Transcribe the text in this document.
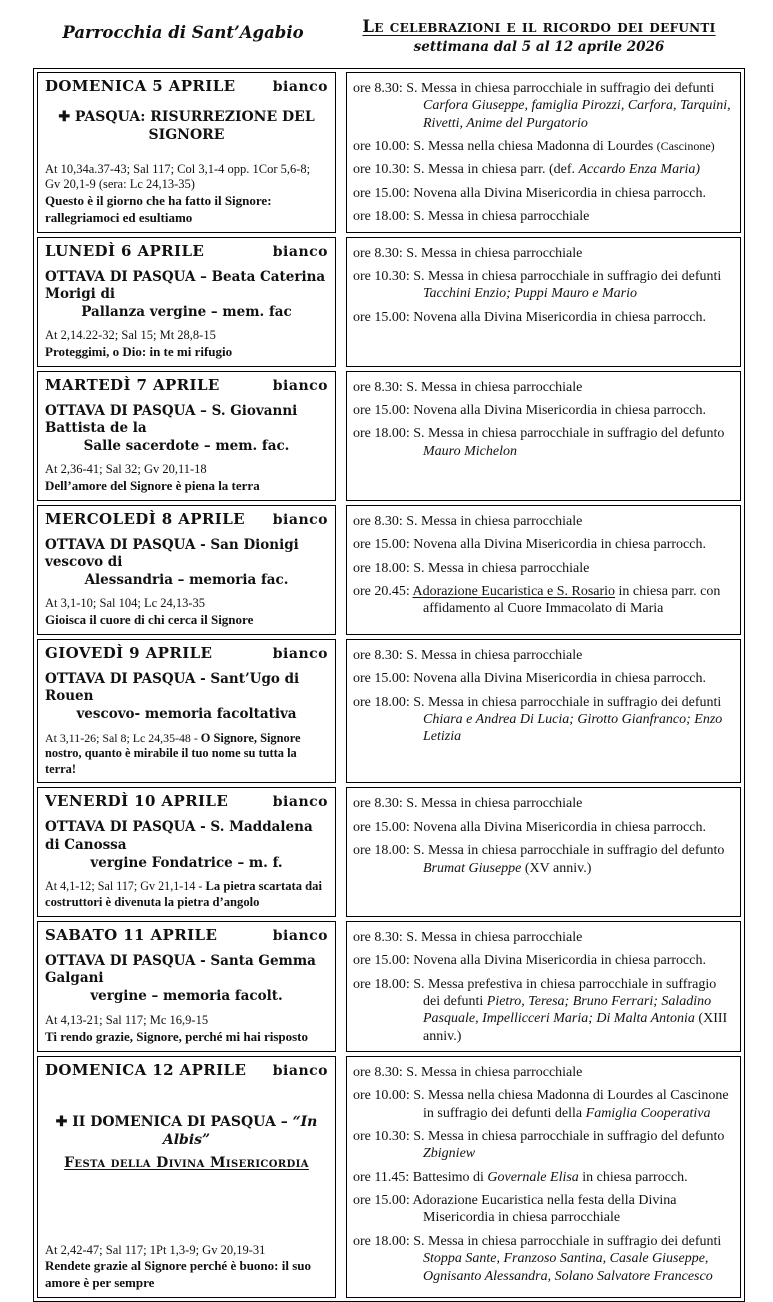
Parrocchia di Sant’Agabio	Le celebrazioni e il ricordo dei defunti
settimana dal 5 al 12 aprile 2026
DOMENICA 5 APRILE	bianco
✚ PASQUA: RISURREZIONE DEL SIGNORE
At 10,34a.37-43; Sal 117; Col 3,1-4 opp. 1Cor 5,6-8; Gv 20,1-9 (sera: Lc 24,13-35)
Questo è il giorno che ha fatto il Signore: rallegriamoci ed esultiamo
ore 8.30: S. Messa in chiesa parrocchiale in suffragio dei defunti Carfora Giuseppe, famiglia Pirozzi, Carfora, Tarquini, Rivetti, Anime del Purgatorio
ore 10.00: S. Messa nella chiesa Madonna di Lourdes (Cascinone)
ore 10.30: S. Messa in chiesa parr. (def. Accardo Enza Maria)
ore 15.00: Novena alla Divina Misericordia in chiesa parrocch.
ore 18.00: S. Messa in chiesa parrocchiale
LUNEDÌ 6 APRILE	bianco
OTTAVA DI PASQUA – Beata Caterina Morigi di
Pallanza vergine – mem. fac
At 2,14.22-32; Sal 15; Mt 28,8-15
Proteggimi, o Dio: in te mi rifugio
ore 8.30: S. Messa in chiesa parrocchiale
ore 10.30: S. Messa in chiesa parrocchiale in suffragio dei defunti Tacchini Enzio; Puppi Mauro e Mario
ore 15.00: Novena alla Divina Misericordia in chiesa parrocch.
MARTEDÌ 7 APRILE	bianco
OTTAVA DI PASQUA – S. Giovanni Battista de la
Salle sacerdote – mem. fac.
At 2,36-41; Sal 32; Gv 20,11-18
Dell’amore del Signore è piena la terra
ore 8.30: S. Messa in chiesa parrocchiale
ore 15.00: Novena alla Divina Misericordia in chiesa parrocch.
ore 18.00: S. Messa in chiesa parrocchiale in suffragio del defunto Mauro Michelon
MERCOLEDÌ 8 APRILE bianco
OTTAVA DI PASQUA - San Dionigi vescovo di
Alessandria – memoria fac.
At 3,1-10; Sal 104; Lc 24,13-35
Gioisca il cuore di chi cerca il Signore
ore 8.30: S. Messa in chiesa parrocchiale
ore 15.00: Novena alla Divina Misericordia in chiesa parrocch.
ore 18.00: S. Messa in chiesa parrocchiale
ore 20.45: Adorazione Eucaristica e S. Rosario in chiesa parr. con affidamento al Cuore Immacolato di Maria
GIOVEDÌ 9 APRILE	bianco
OTTAVA DI PASQUA - Sant’Ugo di Rouen
vescovo- memoria facoltativa
At 3,11-26; Sal 8; Lc 24,35-48 - O Signore, Signore nostro, quanto è mirabile il tuo nome su tutta la terra!
ore 8.30: S. Messa in chiesa parrocchiale
ore 15.00: Novena alla Divina Misericordia in chiesa parrocch.
ore 18.00: S. Messa in chiesa parrocchiale in suffragio dei defunti Chiara e Andrea Di Lucia; Girotto Gianfranco; Enzo Letizia
VENERDÌ 10 APRILE	bianco
OTTAVA DI PASQUA - S. Maddalena di Canossa
vergine Fondatrice – m. f.
At 4,1-12; Sal 117; Gv 21,1-14 - La pietra scartata dai costruttori è divenuta la pietra d’angolo
ore 8.30: S. Messa in chiesa parrocchiale
ore 15.00: Novena alla Divina Misericordia in chiesa parrocch.
ore 18.00: S. Messa in chiesa parrocchiale in suffragio del defunto Brumat Giuseppe (XV anniv.)
SABATO 11 APRILE	bianco
OTTAVA DI PASQUA - Santa Gemma Galgani
vergine – memoria facolt.
At 4,13-21; Sal 117; Mc 16,9-15
Ti rendo grazie, Signore, perché mi hai risposto
ore 8.30: S. Messa in chiesa parrocchiale
ore 15.00: Novena alla Divina Misericordia in chiesa parrocch.
ore 18.00: S. Messa prefestiva in chiesa parrocchiale in suffragio dei defunti Pietro, Teresa; Bruno Ferrari; Saladino Pasquale, Impellicceri Maria; Di Malta Antonia (XIII anniv.)
DOMENICA 12 APRILE bianco
✚ II DOMENICA DI PASQUA – “In Albis”
Festa della Divina Misericordia
At 2,42-47; Sal 117; 1Pt 1,3-9; Gv 20,19-31
Rendete grazie al Signore perché è buono: il suo amore è per sempre
ore 8.30: S. Messa in chiesa parrocchiale
ore 10.00: S. Messa nella chiesa Madonna di Lourdes al Cascinone in suffragio dei defunti della Famiglia Cooperativa
ore 10.30: S. Messa in chiesa parrocchiale in suffragio del defunto Zbigniew
ore 11.45: Battesimo di Governale Elisa in chiesa parrocch.
ore 15.00: Adorazione Eucaristica nella festa della Divina Misericordia in chiesa parrocchiale
ore 18.00: S. Messa in chiesa parrocchiale in suffragio dei defunti Stoppa Sante, Franzoso Santina, Casale Giuseppe, Ognisanto Alessandra, Solano Salvatore Francesco
